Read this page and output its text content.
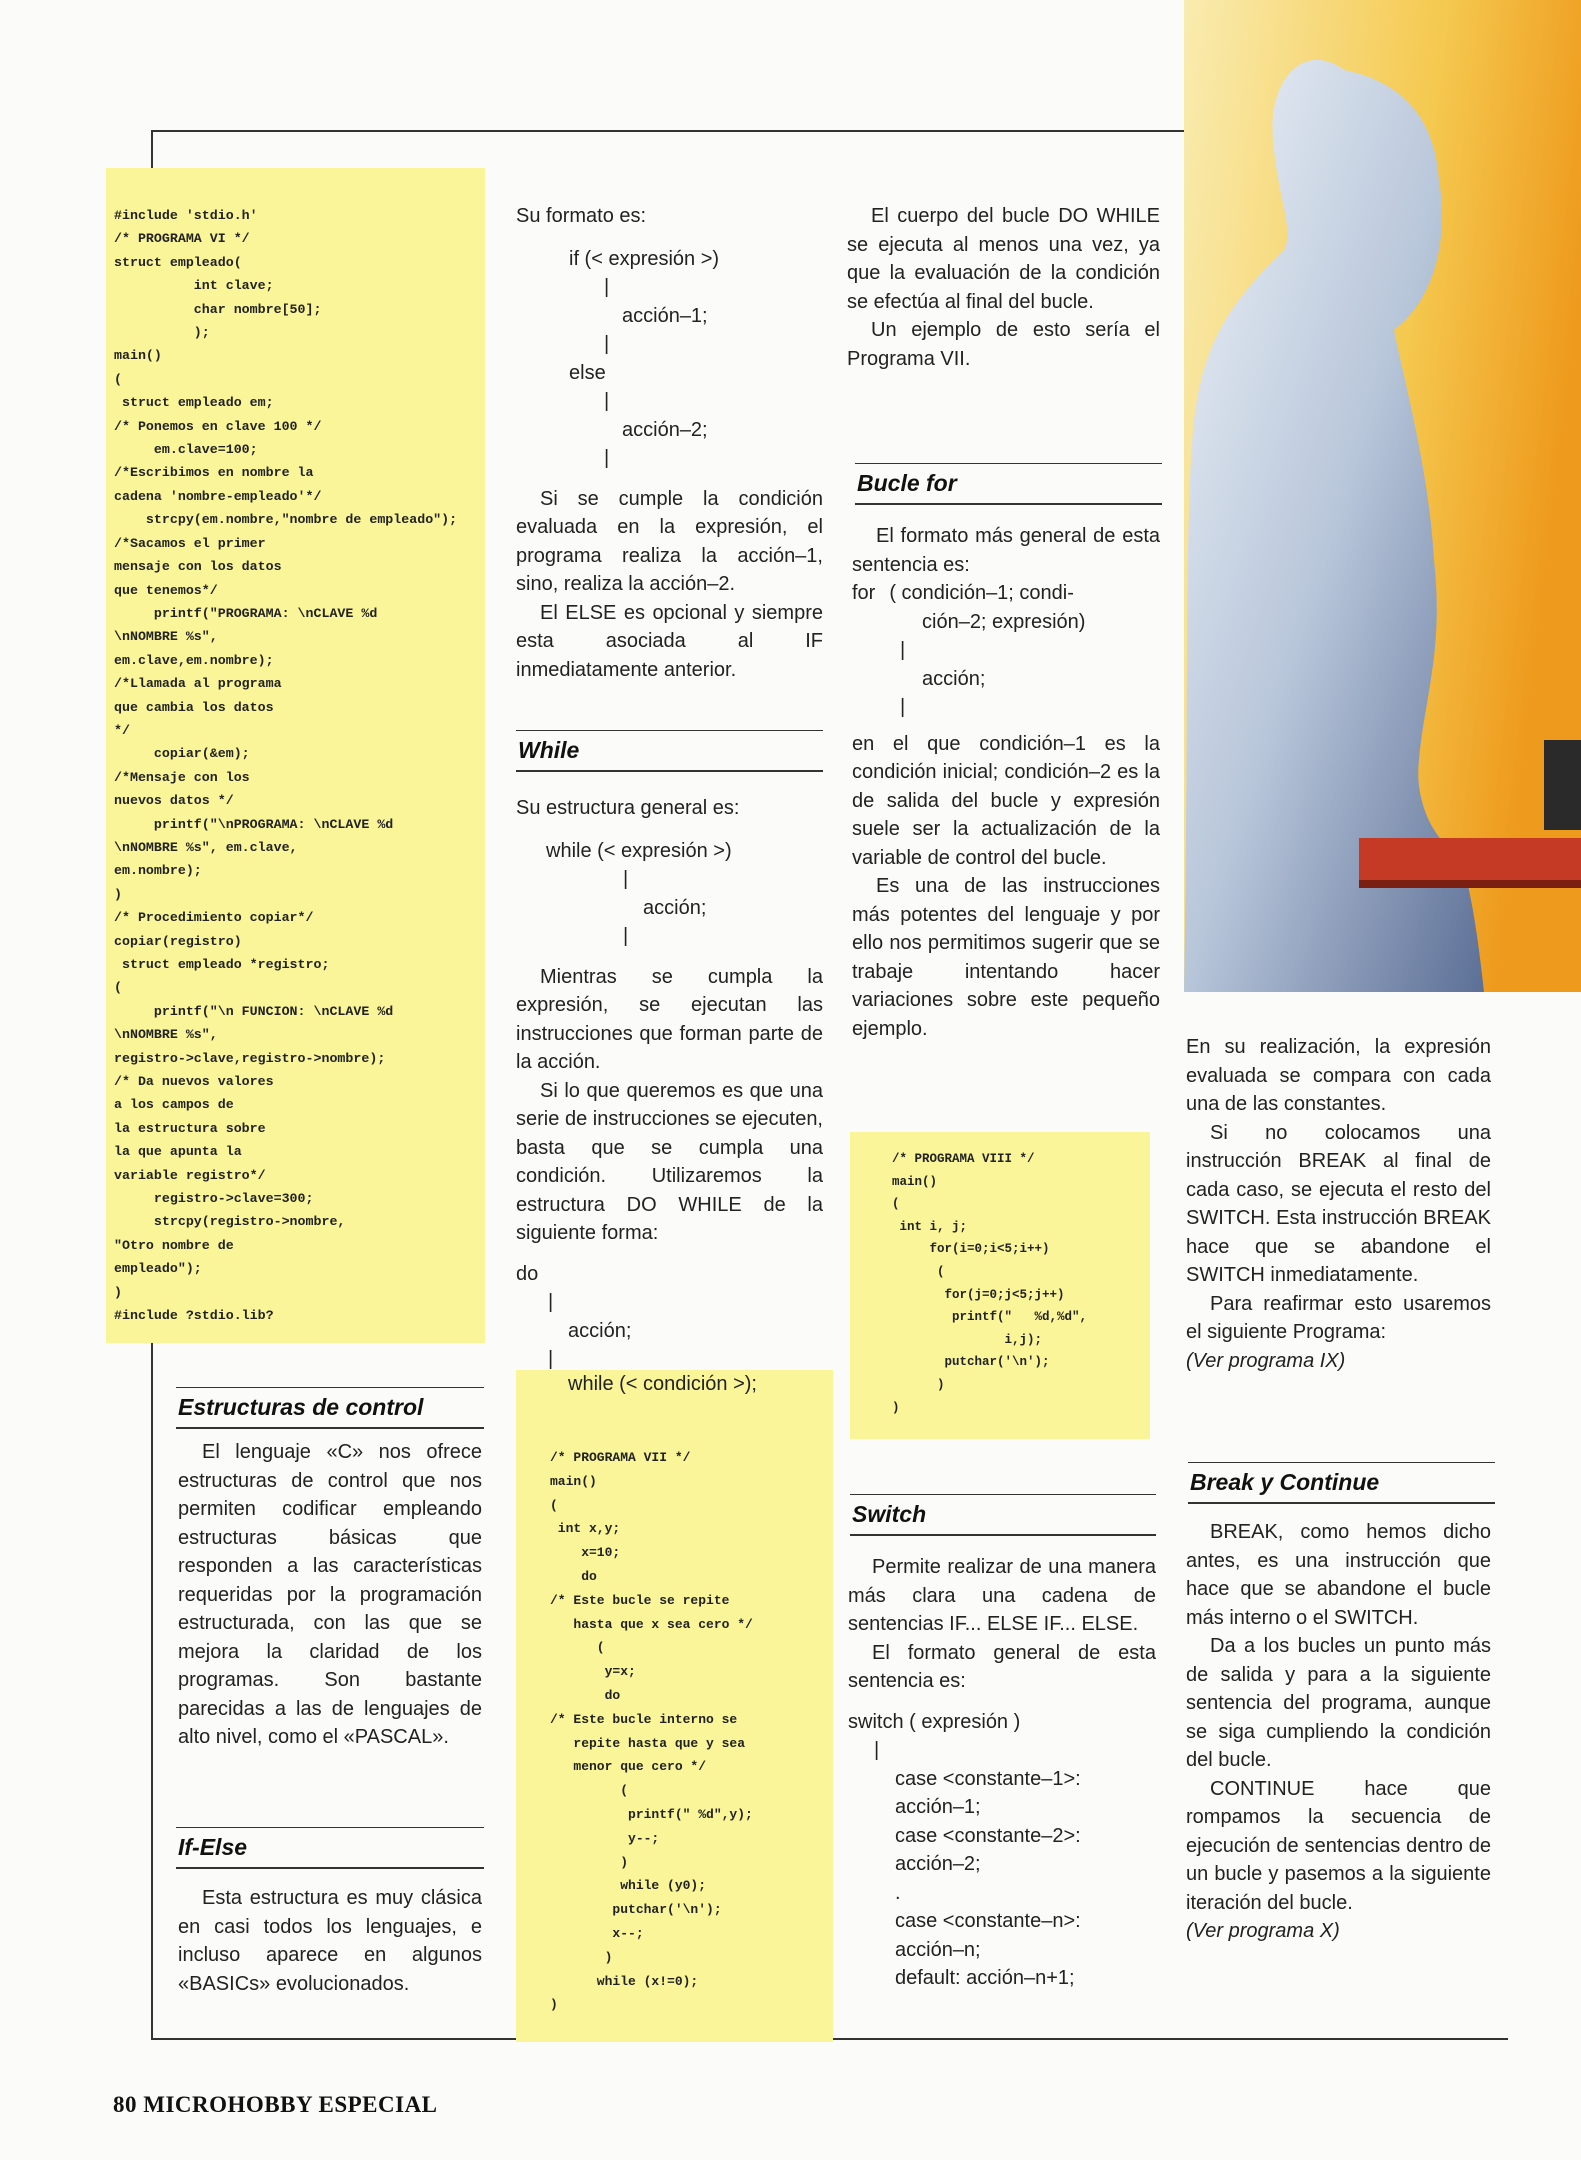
#include 'stdio.h'
/* PROGRAMA VI */
struct empleado(
int clave;
char nombre[50];
);
main()
(
struct empleado em;
/* Ponemos en clave 100 */
em.clave=100;
/*Escribimos en nombre la
cadena 'nombre-empleado'*/
strcpy(em.nombre,"nombre de empleado");
/*Sacamos el primer
mensaje con los datos
que tenemos*/
printf("PROGRAMA: \nCLAVE %d
\nNOMBRE %s",
em.clave,em.nombre);
/*Llamada al programa
que cambia los datos
*/
copiar(&em);
/*Mensaje con los
nuevos datos */
printf("\nPROGRAMA: \nCLAVE %d
\nNOMBRE %s", em.clave,
em.nombre);
)
/* Procedimiento copiar*/
copiar(registro)
struct empleado *registro;
(
printf("\n FUNCION: \nCLAVE %d
\nNOMBRE %s",
registro->clave,registro->nombre);
/* Da nuevos valores
a los campos de
la estructura sobre
la que apunta la
variable registro*/
registro->clave=300;
strcpy(registro->nombre,
"Otro nombre de
empleado");
)
#include ?stdio.lib?
Estructuras de control

El lenguaje «C» nos ofrece estructuras de control que nos permiten codificar empleando estructuras básicas que responden a las características requeridas por la programación estructurada, con las que se mejora la claridad de los programas. Son bastante parecidas a las de lenguajes de alto nivel, como el «PASCAL».

If-Else

Esta estructura es muy clásica en casi todos los lenguajes, e incluso aparece en algunos «BASICs» evolucionados.

Su formato es:

if (< expresión >)
|
acción–1;
|
else
|
acción–2;
|

Si se cumple la condición evaluada en la expresión, el programa realiza la acción–1, sino, realiza la acción–2.

El ELSE es opcional y siempre esta asociada al IF inmediatamente anterior.

While

Su estructura general es:

while (< expresión >)
|
acción;
|

Mientras se cumpla la expresión, se ejecutan las instrucciones que forman parte de la acción.

Si lo que queremos es que una serie de instrucciones se ejecuten, basta que se cumpla una condición. Utilizaremos la estructura DO WHILE de la siguiente forma:

do
|
acción;
|
while (< condición >);
/* PROGRAMA VII */
main()
(
int x,y;
x=10;
do
/* Este bucle se repite
hasta que x sea cero */
(
y=x;
do
/* Este bucle interno se
repite hasta que y sea
menor que cero */
(
printf(" %d",y);
y--;
)
while (y0);
putchar('\n');
x--;
)
while (x!=0);
)

El cuerpo del bucle DO WHILE se ejecuta al menos una vez, ya que la evaluación de la condición se efectúa al final del bucle.

Un ejemplo de esto sería el Programa VII.

Bucle for

El formato más general de esta sentencia es:

for ( condición–1; condi-
ción–2; expresión)
|
acción;
|

en el que condición–1 es la condición inicial; condición–2 es la de salida del bucle y expresión suele ser la actualización de la variable de control del bucle.

Es una de las instrucciones más potentes del lenguaje y por ello nos permitimos sugerir que se trabaje intentando hacer variaciones sobre este pequeño ejemplo.

/* PROGRAMA VIII */
main()
(
int i, j;
for(i=0;i<5;i++)
(
for(j=0;j<5;j++)
printf("   %d,%d",
i,j);
putchar('\n');
)
)
Switch

Permite realizar de una manera más clara una cadena de sentencias IF... ELSE IF... ELSE.

El formato general de esta sentencia es:

switch ( expresión )
|
case <constante–1>:
acción–1;
case <constante–2>:
acción–2;
.
case <constante–n>:
acción–n;
default: acción–n+1;

En su realización, la expresión evaluada se compara con cada una de las constantes.

Si no colocamos una instrucción BREAK al final de cada caso, se ejecuta el resto del SWITCH. Esta instrucción BREAK hace que se abandone el SWITCH inmediatamente.

Para reafirmar esto usaremos el siguiente Programa:

(Ver programa IX)

Break y Continue

BREAK, como hemos dicho antes, es una instrucción que hace que se abandone el bucle más interno o el SWITCH.

Da a los bucles un punto más de salida y para a la siguiente sentencia del programa, aunque se siga cumpliendo la condición del bucle.

CONTINUE hace que rompamos la secuencia de ejecución de sentencias dentro de un bucle y pasemos a la siguiente iteración del bucle.

(Ver programa X)

80 MICROHOBBY ESPECIAL
